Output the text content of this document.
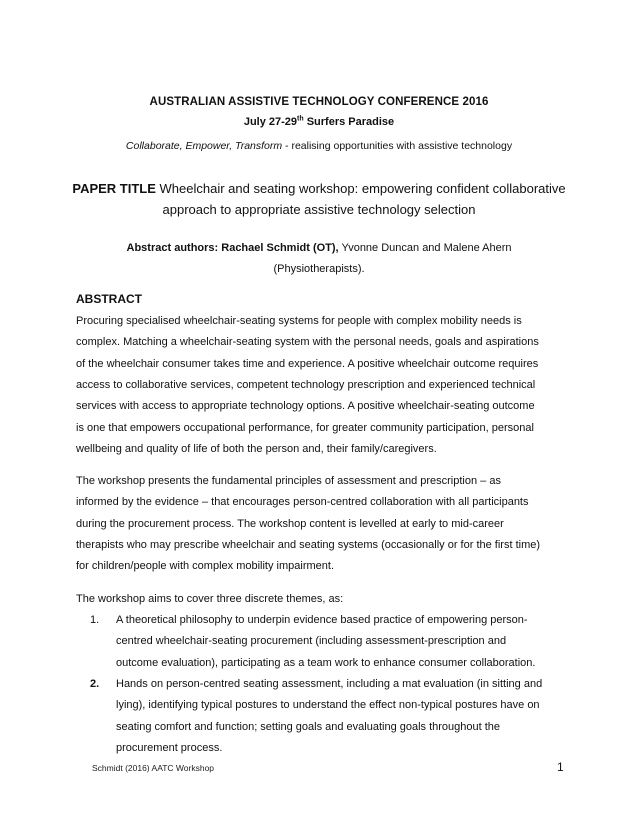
AUSTRALIAN ASSISTIVE TECHNOLOGY CONFERENCE 2016
July 27-29th Surfers Paradise
Collaborate, Empower, Transform - realising opportunities with assistive technology
PAPER TITLE Wheelchair and seating workshop: empowering confident collaborative
approach to appropriate assistive technology selection
Abstract authors: Rachael Schmidt (OT), Yvonne Duncan and Malene Ahern
(Physiotherapists).
ABSTRACT
Procuring specialised wheelchair-seating systems for people with complex mobility needs is
complex. Matching a wheelchair-seating system with the personal needs, goals and aspirations
of the wheelchair consumer takes time and experience. A positive wheelchair outcome requires
access to collaborative services, competent technology prescription and experienced technical
services with access to appropriate technology options. A positive wheelchair-seating outcome
is one that empowers occupational performance, for greater community participation, personal
wellbeing and quality of life of both the person and, their family/caregivers.
The workshop presents the fundamental principles of assessment and prescription – as
informed by the evidence – that encourages person-centred collaboration with all participants
during the procurement process. The workshop content is levelled at early to mid-career
therapists who may prescribe wheelchair and seating systems (occasionally or for the first time)
for children/people with complex mobility impairment.
The workshop aims to cover three discrete themes, as:
1.	A theoretical philosophy to underpin evidence based practice of empowering person-
centred wheelchair-seating procurement (including assessment-prescription and
outcome evaluation), participating as a team work to enhance consumer collaboration.
2.	Hands on person-centred seating assessment, including a mat evaluation (in sitting and
lying), identifying typical postures to understand the effect non-typical postures have on
seating comfort and function; setting goals and evaluating goals throughout the
procurement process.
Schmidt (2016) AATC Workshop	1
